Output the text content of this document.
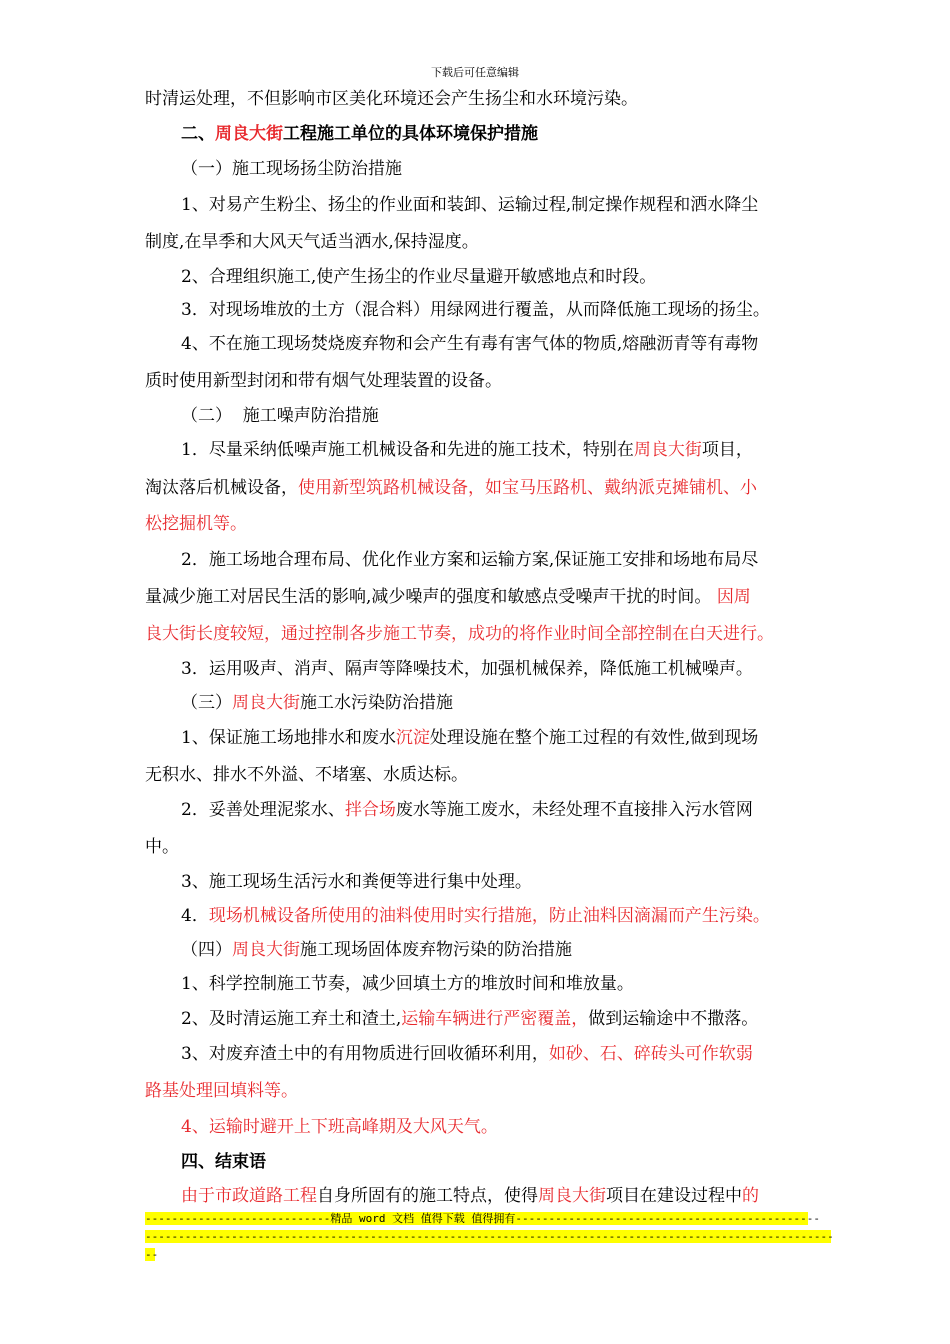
下载后可任意编辑
时清运处理，不但影响市区美化环境还会产生扬尘和水环境污染。
二、周良大街工程施工单位的具体环境保护措施
（一）施工现场扬尘防治措施
1、对易产生粉尘、扬尘的作业面和装卸、运输过程,制定操作规程和洒水降尘
制度,在旱季和大风天气适当洒水,保持湿度。
2、合理组织施工,使产生扬尘的作业尽量避开敏感地点和时段。
3．对现场堆放的土方（混合料）用绿网进行覆盖，从而降低施工现场的扬尘。
4、不在施工现场焚烧废弃物和会产生有毒有害气体的物质,熔融沥青等有毒物
质时使用新型封闭和带有烟气处理装置的设备。
（二）  施工噪声防治措施
1．尽量采纳低噪声施工机械设备和先进的施工技术，特别在周良大街项目，
淘汰落后机械设备，使用新型筑路机械设备，如宝马压路机、戴纳派克摊铺机、小
松挖掘机等。
2．施工场地合理布局、优化作业方案和运输方案,保证施工安排和场地布局尽
量减少施工对居民生活的影响,减少噪声的强度和敏感点受噪声干扰的时间。 因周
良大街长度较短，通过控制各步施工节奏，成功的将作业时间全部控制在白天进行。
3．运用吸声、消声、隔声等降噪技术，加强机械保养，降低施工机械噪声。
（三）周良大街施工水污染防治措施
1、保证施工场地排水和废水沉淀处理设施在整个施工过程的有效性,做到现场
无积水、排水不外溢、不堵塞、水质达标。
2．妥善处理泥浆水、拌合场废水等施工废水，未经处理不直接排入污水管网
中。
3、施工现场生活污水和粪便等进行集中处理。
4．现场机械设备所使用的油料使用时实行措施，防止油料因滴漏而产生污染。
（四）周良大街施工现场固体废弃物污染的防治措施
1、科学控制施工节奏，减少回填土方的堆放时间和堆放量。
2、及时清运施工弃土和渣土,运输车辆进行严密覆盖，做到运输途中不撒落。
3、对废弃渣土中的有用物质进行回收循环利用，如砂、石、碎砖头可作软弱
路基处理回填料等。
4、运输时避开上下班高峰期及大风天气。
四、结束语
由于市政道路工程自身所固有的施工特点，使得周良大街项目在建设过程中的
----------------------------精品 word 文档 值得下载 值得拥有----------------------------------------------
--------------------------------------------------------------------------------------------------------
--
